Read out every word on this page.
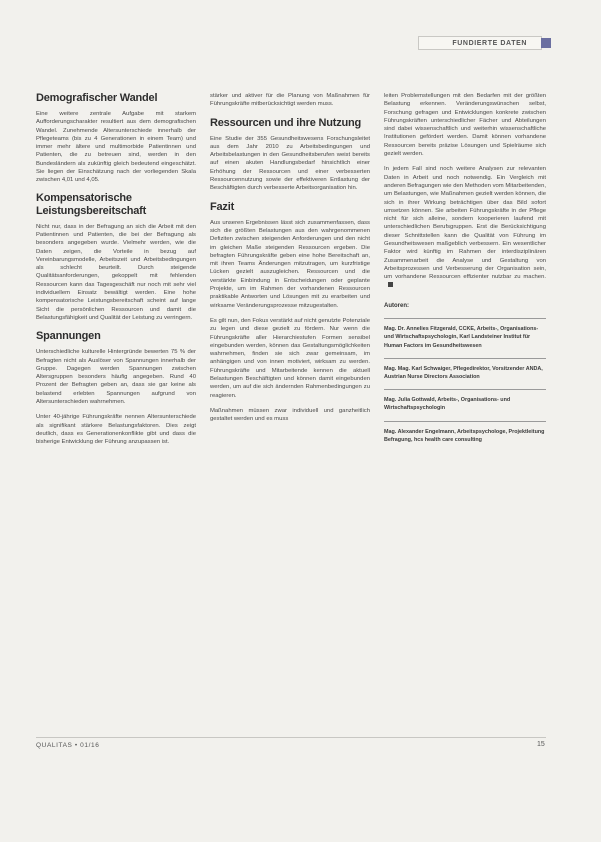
FUNDIERTE DATEN
Demografischer Wandel

Eine weitere zentrale Aufgabe mit starkem Aufforderungscharakter resultiert aus dem demografischen Wandel. Zunehmende Altersunterschiede innerhalb der Pflegeteams (bis zu 4 Generationen in einem Team) und immer mehr ältere und multimorbide Patientinnen und Patienten, die zu betreuen sind, werden in den Bundesländern als zukünftig gleich bedeutend eingeschätzt. Sie liegen der Einschätzung nach der vorliegenden Skala zwischen 4,01 und 4,05.

Kompensatorische Leistungsbereitschaft

Nicht nur, dass in der Befragung an sich die Arbeit mit den Patientinnen und Patienten, die bei der Befragung als besonders angegeben wurde. Vielmehr werden, wie die Daten zeigen, die Vorteile in bezug auf Vereinbarungsmodelle, Arbeitszeit und Arbeitsbedingungen als schlecht beurteilt. Durch steigende Qualitätsanforderungen, gekoppelt mit fehlenden Ressourcen kann das Tagesgeschäft nur noch mit sehr viel individuellem Einsatz bewältigt werden. Eine hohe kompensatorische Leistungsbereitschaft scheint auf lange Sicht die persönlichen Ressourcen und damit die Belastungsfähigkeit und Qualität der Leistung zu verringern.

Spannungen

Unterschiedliche kulturelle Hintergründe bewerten 75 % der Befragten nicht als Auslöser von Spannungen innerhalb der Gruppe. Dagegen werden Spannungen zwischen Altersgruppen besonders häufig angegeben. Rund 40 Prozent der Befragten geben an, dass sie gar keine als belastend erlebten Spannungen aufgrund von Altersunterschieden wahrnehmen.

Unter 40-jährige Führungskräfte nennen Altersunterschiede als signifikant stärkere Belastungsfaktoren. Dies zeigt deutlich, dass es Generationenkonflikte gibt und dass die bisherige Entwicklung der Führung anzupassen ist.

stärker und aktiver für die Planung von Maßnahmen für Führungskräfte mitberücksichtigt werden muss.

Ressourcen und ihre Nutzung

Eine Studie der 355 Gesundheitswesens Forschungsleitet aus dem Jahr 2010 zu Arbeitsbedingungen und Arbeitsbelastungen in den Gesundheitsberufen weist bereits auf einen akuten Handlungsbedarf hinsichtlich einer Erhöhung der Ressourcen und einer verbesserten Ressourcennutzung sowie der effektiveren Entlastung der Beschäftigten durch verbesserte Arbeitsorganisation hin.

Fazit

Aus unseren Ergebnissen lässt sich zusammenfassen, dass sich die größten Belastungen aus den wahrgenommenen Defiziten zwischen steigenden Anforderungen und den nicht im gleichen Maße steigenden Ressourcen ergeben. Die befragten Führungskräfte geben eine hohe Bereitschaft an, mit ihren Teams Änderungen mitzutragen, um kurzfristige Lücken gezielt auszugleichen. Ressourcen und die verstärkte Einbindung in Entscheidungen oder geplante Projekte, um im Rahmen der vorhandenen Ressourcen praktikable Antworten und Lösungen mit zu erarbeiten und wirksame Veränderungsprozesse mitzugestalten.

Es gilt nun, den Fokus verstärkt auf nicht genutzte Potenziale zu legen und diese gezielt zu fördern. Nur wenn die Führungskräfte aller Hierarchiestufen Formen sensibel eingebunden werden, können das Gestaltungsmöglichkeiten wahrnehmen, finden sie sich zwar gemeinsam, im anhängigen und von innen motiviert, wirksam zu werden. Führungskräfte und Mitarbeitende kennen die aktuell Belastungen Beschäftigten und können damit eingebunden werden, um auf die sich ändernden Rahmenbedingungen zu reagieren.

Maßnahmen müssen zwar individuell und ganzheitlich gestaltet werden und es muss

leiten Problemstellungen mit den Bedarfen mit der größten Belastung erkennen. Veränderungswünschen selbst, Forschung gefragen und Entwicklungen konkrete zwischen Führungskräften unterschiedlicher Fächer und Abteilungen sind dabei wissenschaftlich und weiterhin wissenschaftliche Institutionen gefördert werden. Damit können vorhandene Ressourcen bereits präzise Lösungen und Spielräume sich gezielt werden.

In jedem Fall sind noch weitere Analysen zur relevanten Daten in Arbeit und noch notwendig. Ein Vergleich mit anderen Befragungen wie den Methoden vom Mitarbeitenden, um Belastungen, wie Maßnahmen gezielt werden können, die sich in ihrer Wirkung beträchtigen über das Bild sofort umsetzen können. Sie arbeiten Führungskräfte in der Pflege nicht für sich alleine, sondern kooperieren laufend mit unterschiedlichen Berufsgruppen. Erst die Berücksichtigung dieser Schnittstellen kann die Qualität von Führung im Gesundheitswesen maßgeblich verbessern. Ein wesentlicher Faktor wird künftig im Rahmen der interdisziplinären Zusammenarbeit die Analyse und Gestaltung von Arbeitsprozessen und Verbesserung der Organisation sein, um vorhandene Ressourcen effizienter nutzbar zu machen.

Autoren:
Mag. Dr. Annelies Fitzgerald, CCKE, Arbeits-, Organisations- und Wirtschaftspsychologin, Karl Landsteiner Institut für Human Factors im Gesundheitswesen
Mag. Mag. Karl Schwaiger, Pflegedirektor, Vorsitzender ANDA, Austrian Nurse Directors Association
Mag. Julia Gottwald, Arbeits-, Organisations- und Wirtschaftspsychologin
Mag. Alexander Engelmann, Arbeitspsychologe, Projektleitung Befragung, hcs health care consulting
QUALITAS • 01/16	15
